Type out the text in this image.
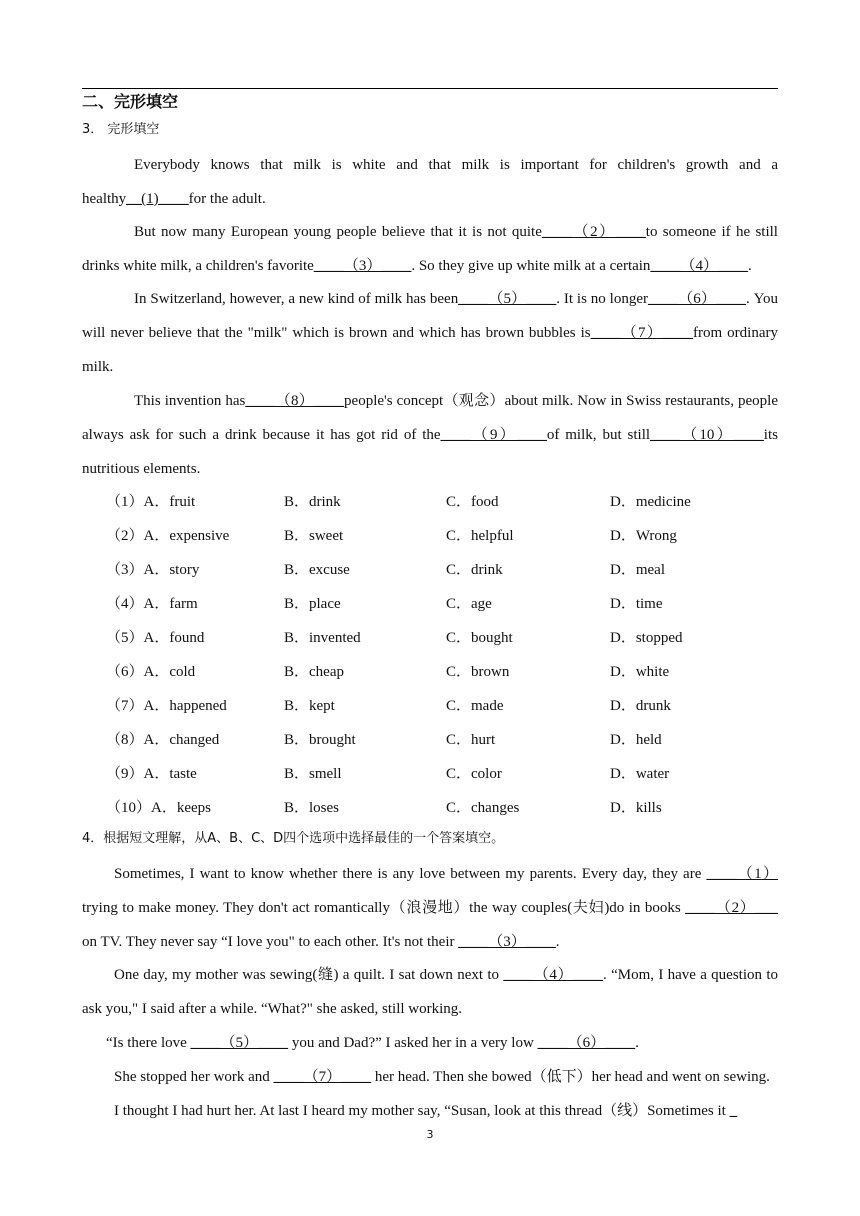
二、完形填空
3． 完形填空
Everybody knows that milk is white and that milk is important for children's growth and a healthy__(1)____for the adult.
But now many European young people believe that it is not quite____（2）____to someone if he still drinks white milk, a children's favorite____（3）____. So they give up white milk at a certain____（4）____.
In Switzerland, however, a new kind of milk has been____（5）____. It is no longer____（6）____. You will never believe that the "milk" which is brown and which has brown bubbles is____（7）____from ordinary milk.
This invention has____（8）____people's concept（观念）about milk. Now in Swiss restaurants, people always ask for such a drink because it has got rid of the____（9）____of milk, but still____（10）____its nutritious elements.
（1）A．fruit	B．drink	C．food	D．medicine
（2）A．expensive	B．sweet	C．helpful	D．Wrong
（3）A．story	B．excuse	C．drink	D．meal
（4）A．farm	B．place	C．age	D．time
（5）A．found	B．invented	C．bought	D．stopped
（6）A．cold	B．cheap	C．brown	D．white
（7）A．happened	B．kept	C．made	D．drunk
（8）A．changed	B．brought	C．hurt	D．held
（9）A．taste	B．smell	C．color	D．water
（10）A．keeps	B．loses	C．changes	D．kills
4．根据短文理解，从A、B、C、D四个选项中选择最佳的一个答案填空。
Sometimes, I want to know whether there is any love between my parents. Every day, they are ____（1） trying to make money. They don't act romantically（浪漫地）the way couples(夫妇)do in books ____（2）___ on TV. They never say “I love you" to each other. It's not their ____（3）____.
One day, my mother was sewing(缝) a quilt. I sat down next to ____（4）____. “Mom, I have a question to ask you," I said after a while. “What?" she asked, still working.
“Is there love ____（5）____ you and Dad?” I asked her in a very low ____（6）____.
She stopped her work and ____（7）____ her head. Then she bowed（低下）her head and went on sewing.
I thought I had hurt her. At last I heard my mother say, “Susan, look at this thread（线）Sometimes it _
3
